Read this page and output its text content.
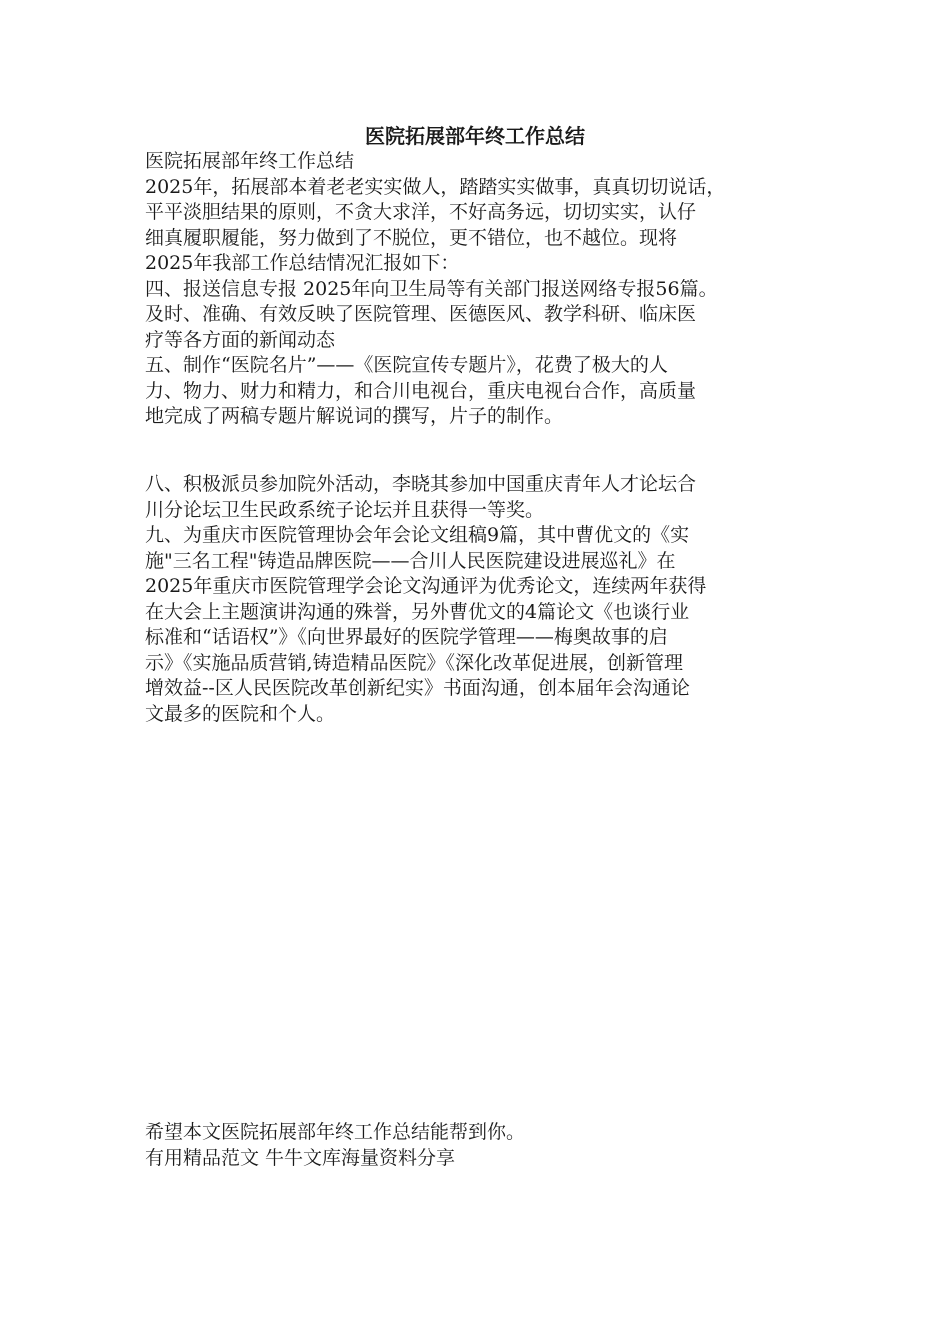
医院拓展部年终工作总结
医院拓展部年终工作总结
2025年，拓展部本着老老实实做人，踏踏实实做事，真真切切说话，
平平淡胆结果的原则，不贪大求洋，不好高务远，切切实实，认仔
细真履职履能，努力做到了不脱位，更不错位，也不越位。现将
2025年我部工作总结情况汇报如下：
四、报送信息专报 2025年向卫生局等有关部门报送网络专报56篇。
及时、准确、有效反映了医院管理、医德医风、教学科研、临床医
疗等各方面的新闻动态
五、制作“医院名片”——《医院宣传专题片》，花费了极大的人
力、物力、财力和精力，和合川电视台，重庆电视台合作，高质量
地完成了两稿专题片解说词的撰写，片子的制作。
八、积极派员参加院外活动，李晓其参加中国重庆青年人才论坛合
川分论坛卫生民政系统子论坛并且获得一等奖。
九、为重庆市医院管理协会年会论文组稿9篇，其中曹优文的《实
施"三名工程"铸造品牌医院——合川人民医院建设进展巡礼》在
2025年重庆市医院管理学会论文沟通评为优秀论文，连续两年获得
在大会上主题演讲沟通的殊誉，另外曹优文的4篇论文《也谈行业
标准和“话语权”》《向世界最好的医院学管理——梅奥故事的启
示》《实施品质营销,铸造精品医院》《深化改革促进展，创新管理
增效益--区人民医院改革创新纪实》书面沟通，创本届年会沟通论
文最多的医院和个人。
希望本文医院拓展部年终工作总结能帮到你。
有用精品范文 牛牛文库海量资料分享
